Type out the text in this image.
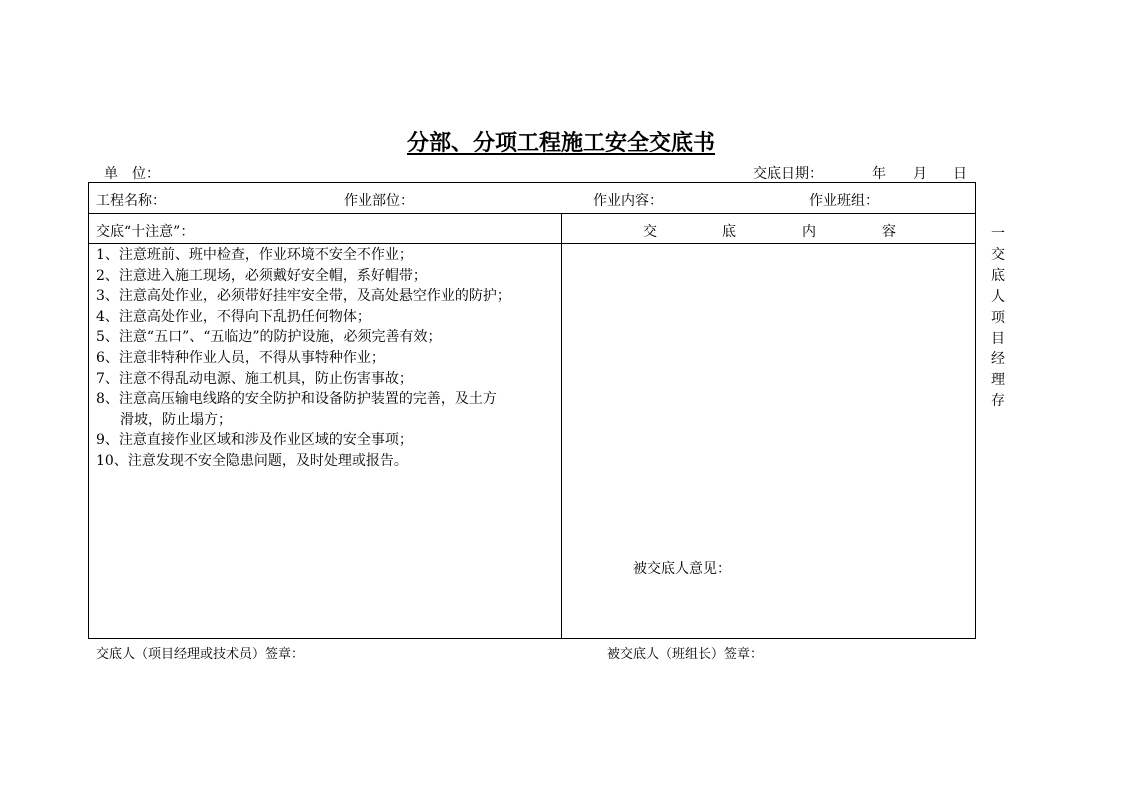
分部、分项工程施工安全交底书
单　位：	交底日期：	年 月 日
工程名称：	作业部位：	作业内容：	作业班组：
交底“十注意”：	交	底	内	容
1、注意班前、班中检查，作业环境不安全不作业；
2、注意进入施工现场，必须戴好安全帽，系好帽带；
3、注意高处作业，必须带好挂牢安全带，及高处悬空作业的防护；
4、注意高处作业，不得向下乱扔任何物体；
5、注意“五口”、“五临边”的防护设施，必须完善有效；
6、注意非特种作业人员，不得从事特种作业；
7、注意不得乱动电源、施工机具，防止伤害事故；
8、注意高压输电线路的安全防护和设备防护装置的完善，及土方
滑坡，防止塌方；
9、注意直接作业区域和涉及作业区域的安全事项；
10、注意发现不安全隐患问题，及时处理或报告。
被交底人意见：
一
交
底
人
项
目
经
理
存
交底人（项目经理或技术员）签章：	被交底人（班组长）签章：
